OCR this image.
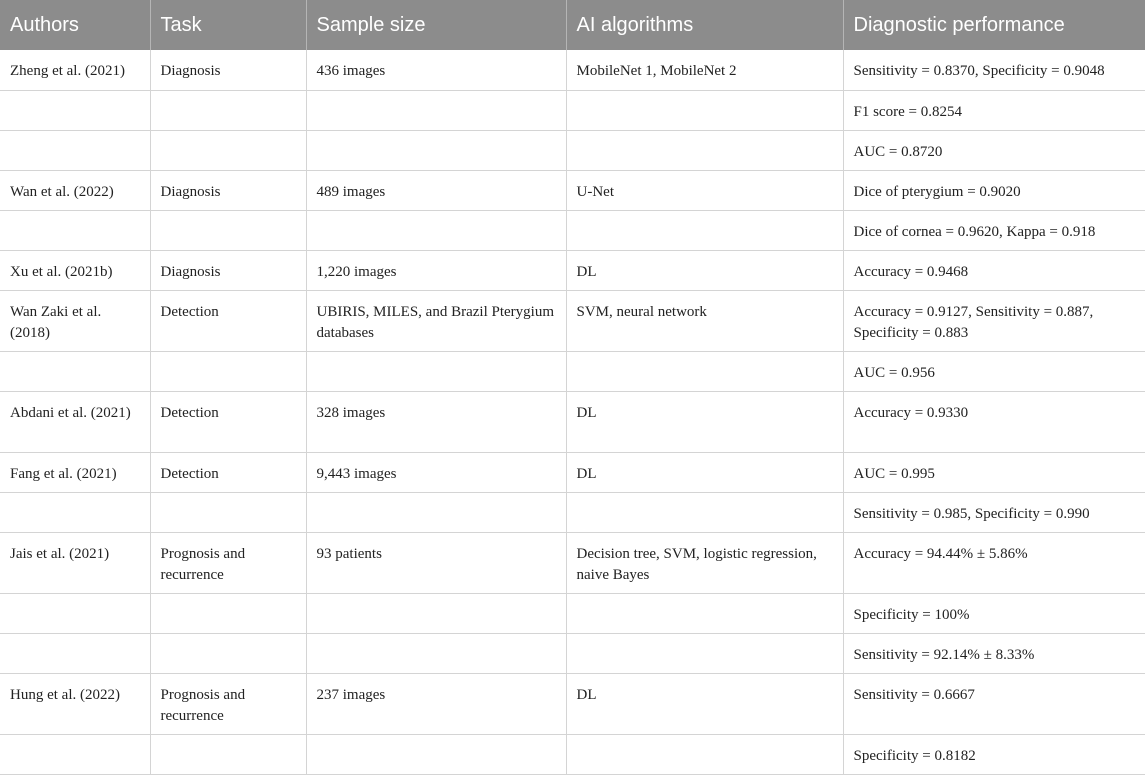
Authors	Task	Sample size	AI algorithms	Diagnostic performance
Zheng et al. (2021)	Diagnosis	436 images	MobileNet 1, MobileNet 2	Sensitivity = 0.8370, Specificity = 0.9048
				F1 score = 0.8254
				AUC = 0.8720
Wan et al. (2022)	Diagnosis	489 images	U-Net	Dice of pterygium = 0.9020
				Dice of cornea = 0.9620, Kappa = 0.918
Xu et al. (2021b)	Diagnosis	1,220 images	DL	Accuracy = 0.9468
Wan Zaki et al. (2018)	Detection	UBIRIS, MILES, and Brazil Pterygium databases	SVM, neural network	Accuracy = 0.9127, Sensitivity = 0.887, Specificity = 0.883
				AUC = 0.956
Abdani et al. (2021)	Detection	328 images	DL	Accuracy = 0.9330
Fang et al. (2021)	Detection	9,443 images	DL	AUC = 0.995
				Sensitivity = 0.985, Specificity = 0.990
Jais et al. (2021)	Prognosis and recurrence	93 patients	Decision tree, SVM, logistic regression, naive Bayes	Accuracy = 94.44% ± 5.86%
				Specificity = 100%
				Sensitivity = 92.14% ± 8.33%
Hung et al. (2022)	Prognosis and recurrence	237 images	DL	Sensitivity = 0.6667
				Specificity = 0.8182
